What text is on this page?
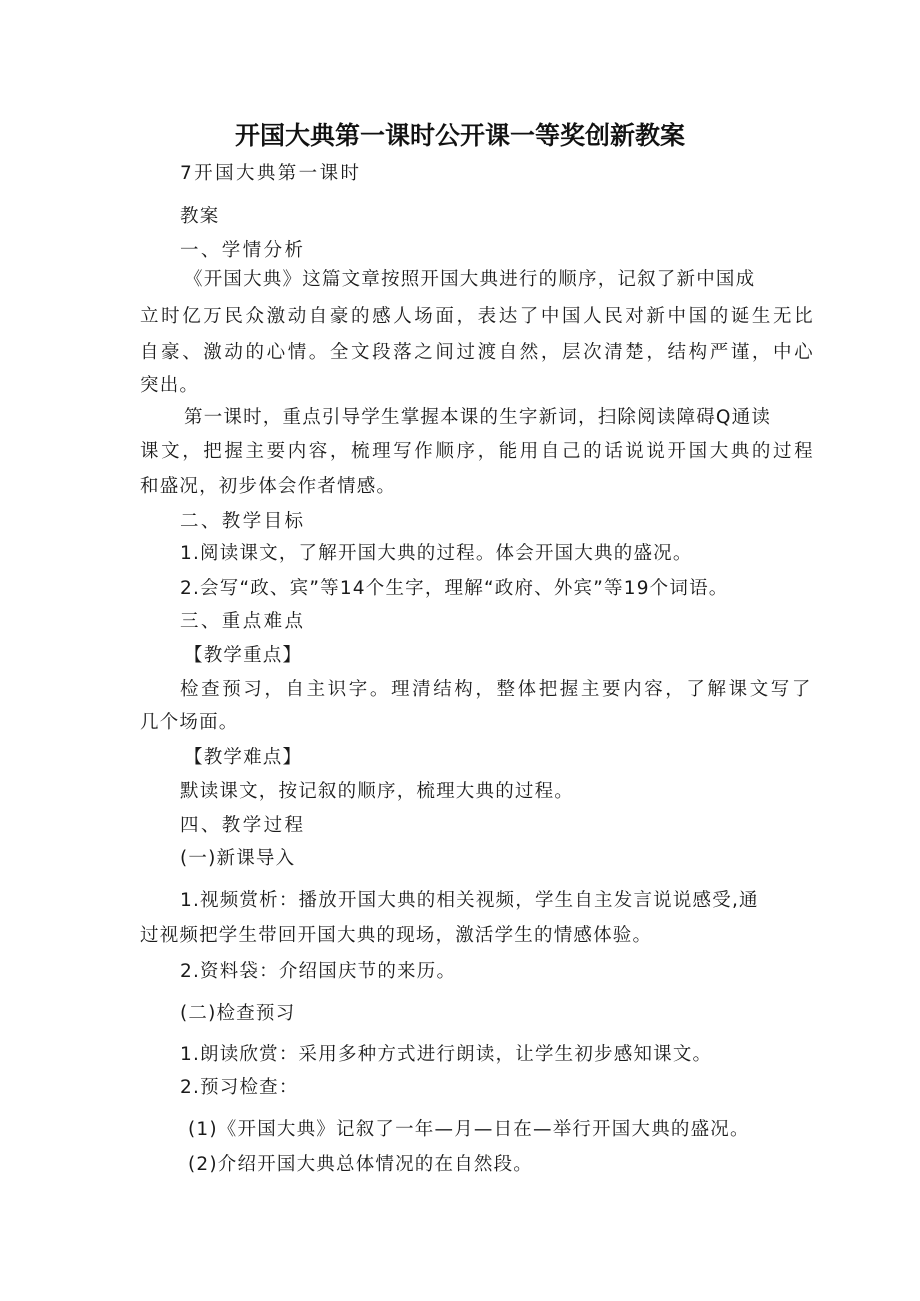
开国大典第一课时公开课一等奖创新教案
7开国大典第一课时
教案
一、学情分析
《开国大典》这篇文章按照开国大典进行的顺序，记叙了新中国成
立时亿万民众激动自豪的感人场面，表达了中国人民对新中国的诞生无比
自豪、激动的心情。全文段落之间过渡自然，层次清楚，结构严谨，中心
突出。
第一课时，重点引导学生掌握本课的生字新词，扫除阅读障碍Q通读
课文，把握主要内容，梳理写作顺序，能用自己的话说说开国大典的过程
和盛况，初步体会作者情感。
二、教学目标
1.阅读课文，了解开国大典的过程。体会开国大典的盛况。
2.会写“政、宾”等14个生字，理解“政府、外宾”等19个词语。
三、重点难点
【教学重点】
检查预习，自主识字。理清结构，整体把握主要内容，了解课文写了
几个场面。
【教学难点】
默读课文，按记叙的顺序，梳理大典的过程。
四、教学过程
(一)新课导入
1.视频赏析：播放开国大典的相关视频，学生自主发言说说感受,通
过视频把学生带回开国大典的现场，激活学生的情感体验。
2.资料袋：介绍国庆节的来历。
(二)检查预习
1.朗读欣赏：采用多种方式进行朗读，让学生初步感知课文。
2.预习检查：
(1)《开国大典》记叙了一年—月—日在—举行开国大典的盛况。
(2)介绍开国大典总体情况的在自然段。
